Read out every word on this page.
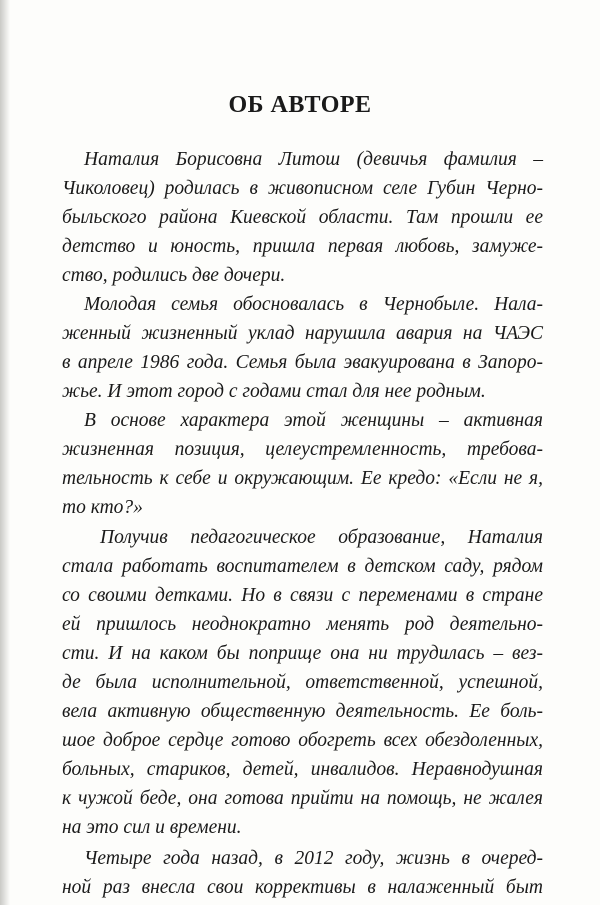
ОБ АВТОРЕ
Наталия Борисовна Литош (девичья фамилия –
Чиколовец) родилась в живописном селе Губин Черно-
быльского района Киевской области. Там прошли ее
детство и юность, пришла первая любовь, замуже-
ство, родились две дочери.
Молодая семья обосновалась в Чернобыле. Нала-
женный жизненный уклад нарушила авария на ЧАЭС
в апреле 1986 года. Семья была эвакуирована в Запоро-
жье. И этот город с годами стал для нее родным.
В основе характера этой женщины – активная
жизненная позиция, целеустремленность, требова-
тельность к себе и окружающим. Ее кредо: «Если не я,
то кто?»
Получив педагогическое образование, Наталия
стала работать воспитателем в детском саду, рядом
со своими детками. Но в связи с переменами в стране
ей пришлось неоднократно менять род деятельно-
сти. И на каком бы поприще она ни трудилась – вез-
де была исполнительной, ответственной, успешной,
вела активную общественную деятельность. Ее боль-
шое доброе сердце готово обогреть всех обездоленных,
больных, стариков, детей, инвалидов. Неравнодушная
к чужой беде, она готова прийти на помощь, не жалея
на это сил и времени.
Четыре года назад, в 2012 году, жизнь в очеред-
ной раз внесла свои коррективы в налаженный быт
